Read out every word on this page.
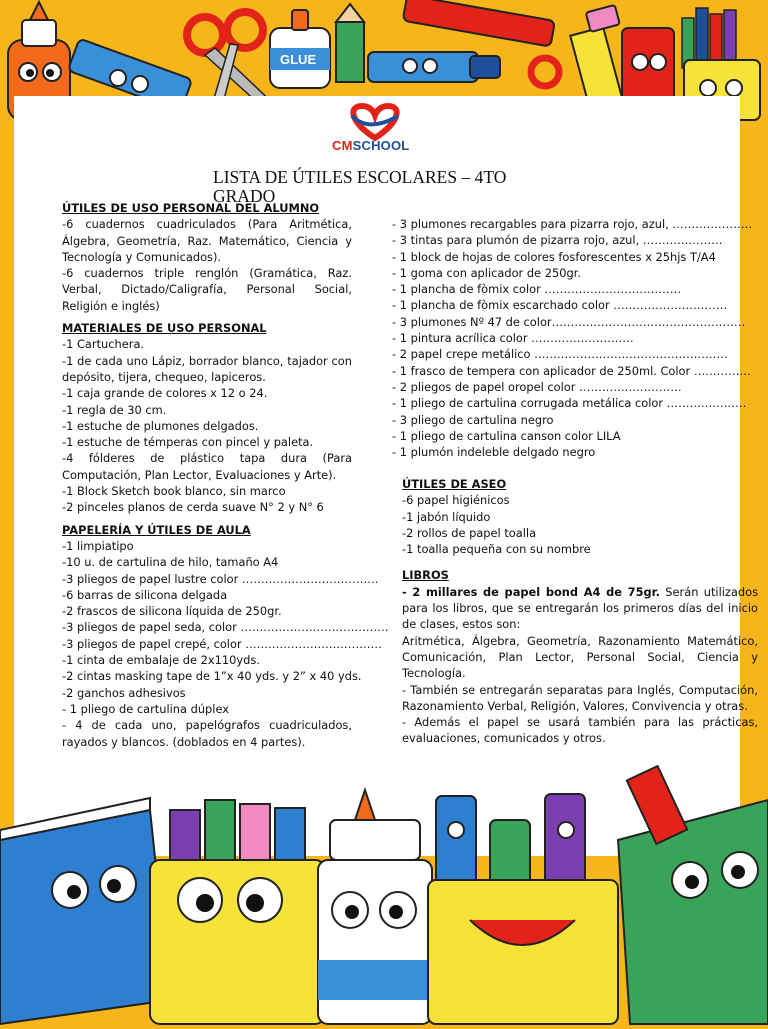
GLUE
CMSCHOOL
LISTA DE ÚTILES ESCOLARES – 4TO GRADO
ÚTILES DE USO PERSONAL DEL ALUMNO
-6 cuadernos cuadriculados (Para Aritmética, Álgebra, Geometría, Raz. Matemático, Ciencia y Tecnología y Comunicados).
-6 cuadernos triple renglón (Gramática, Raz. Verbal, Dictado/Caligrafía, Personal Social, Religión e inglés)
MATERIALES DE USO PERSONAL
-1 Cartuchera.
-1 de cada uno Lápiz, borrador blanco, tajador con depósito, tijera, chequeo, lapiceros.
-1 caja grande de colores x 12 o 24.
-1 regla de 30 cm.
-1 estuche de plumones delgados.
-1 estuche de témperas con pincel y paleta.
-4 fólderes de plástico tapa dura (Para Computación, Plan Lector, Evaluaciones y Arte).
-1 Block Sketch book blanco, sin marco
-2 pinceles planos de cerda suave N° 2 y N° 6
PAPELERÍA Y ÚTILES DE AULA
-1 limpiatipo
-10 u. de cartulina de hilo, tamaño A4
-3 pliegos de papel lustre color ………………………………
-6 barras de silicona delgada
-2 frascos de silicona líquida de 250gr.
-3 pliegos de papel seda, color …………………………………
-3 pliegos de papel crepé, color ………………………………
-1 cinta de embalaje de 2x110yds.
-2 cintas masking tape de 1”x 40 yds. y 2” x 40 yds.
-2 ganchos adhesivos
- 1 pliego de cartulina dúplex
- 4 de cada uno, papelógrafos cuadriculados, rayados y blancos. (doblados en 4 partes).
- 3 plumones recargables para pizarra rojo, azul, …………………
- 3 tintas para plumón de pizarra rojo, azul, …………………
- 1 block de hojas de colores fosforescentes x 25hjs T/A4
- 1 goma con aplicador de 250gr.
- 1 plancha de fòmix color ………………………………
- 1 plancha de fòmix escarchado color …………………………
- 3 plumones Nº 47 de color……………………………………………
- 1 pintura acrílica color ………………………
- 2 papel crepe metálico ……………………………………………
- 1 frasco de tempera con aplicador de 250ml. Color ……………
- 2 pliegos de papel oropel color ………………………
- 1 pliego de cartulina corrugada metálica color …………………
- 3 pliego de cartulina negro
- 1 pliego de cartulina canson color LILA
- 1 plumón indeleble delgado negro
ÚTILES DE ASEO
-6 papel higiénicos
-1 jabón líquido
-2 rollos de papel toalla
-1 toalla pequeña con su nombre
LIBROS
- 2 millares de papel bond A4 de 75gr. Serán utilizados para los libros, que se entregarán los primeros días del inicio de clases, estos son:
Aritmética, Álgebra, Geometría, Razonamiento Matemático, Comunicación, Plan Lector, Personal Social, Ciencia y Tecnología.
- También se entregarán separatas para Inglés, Computación, Razonamiento Verbal, Religión, Valores, Convivencia y otras.
- Además el papel se usará también para las prácticas, evaluaciones, comunicados y otros.
